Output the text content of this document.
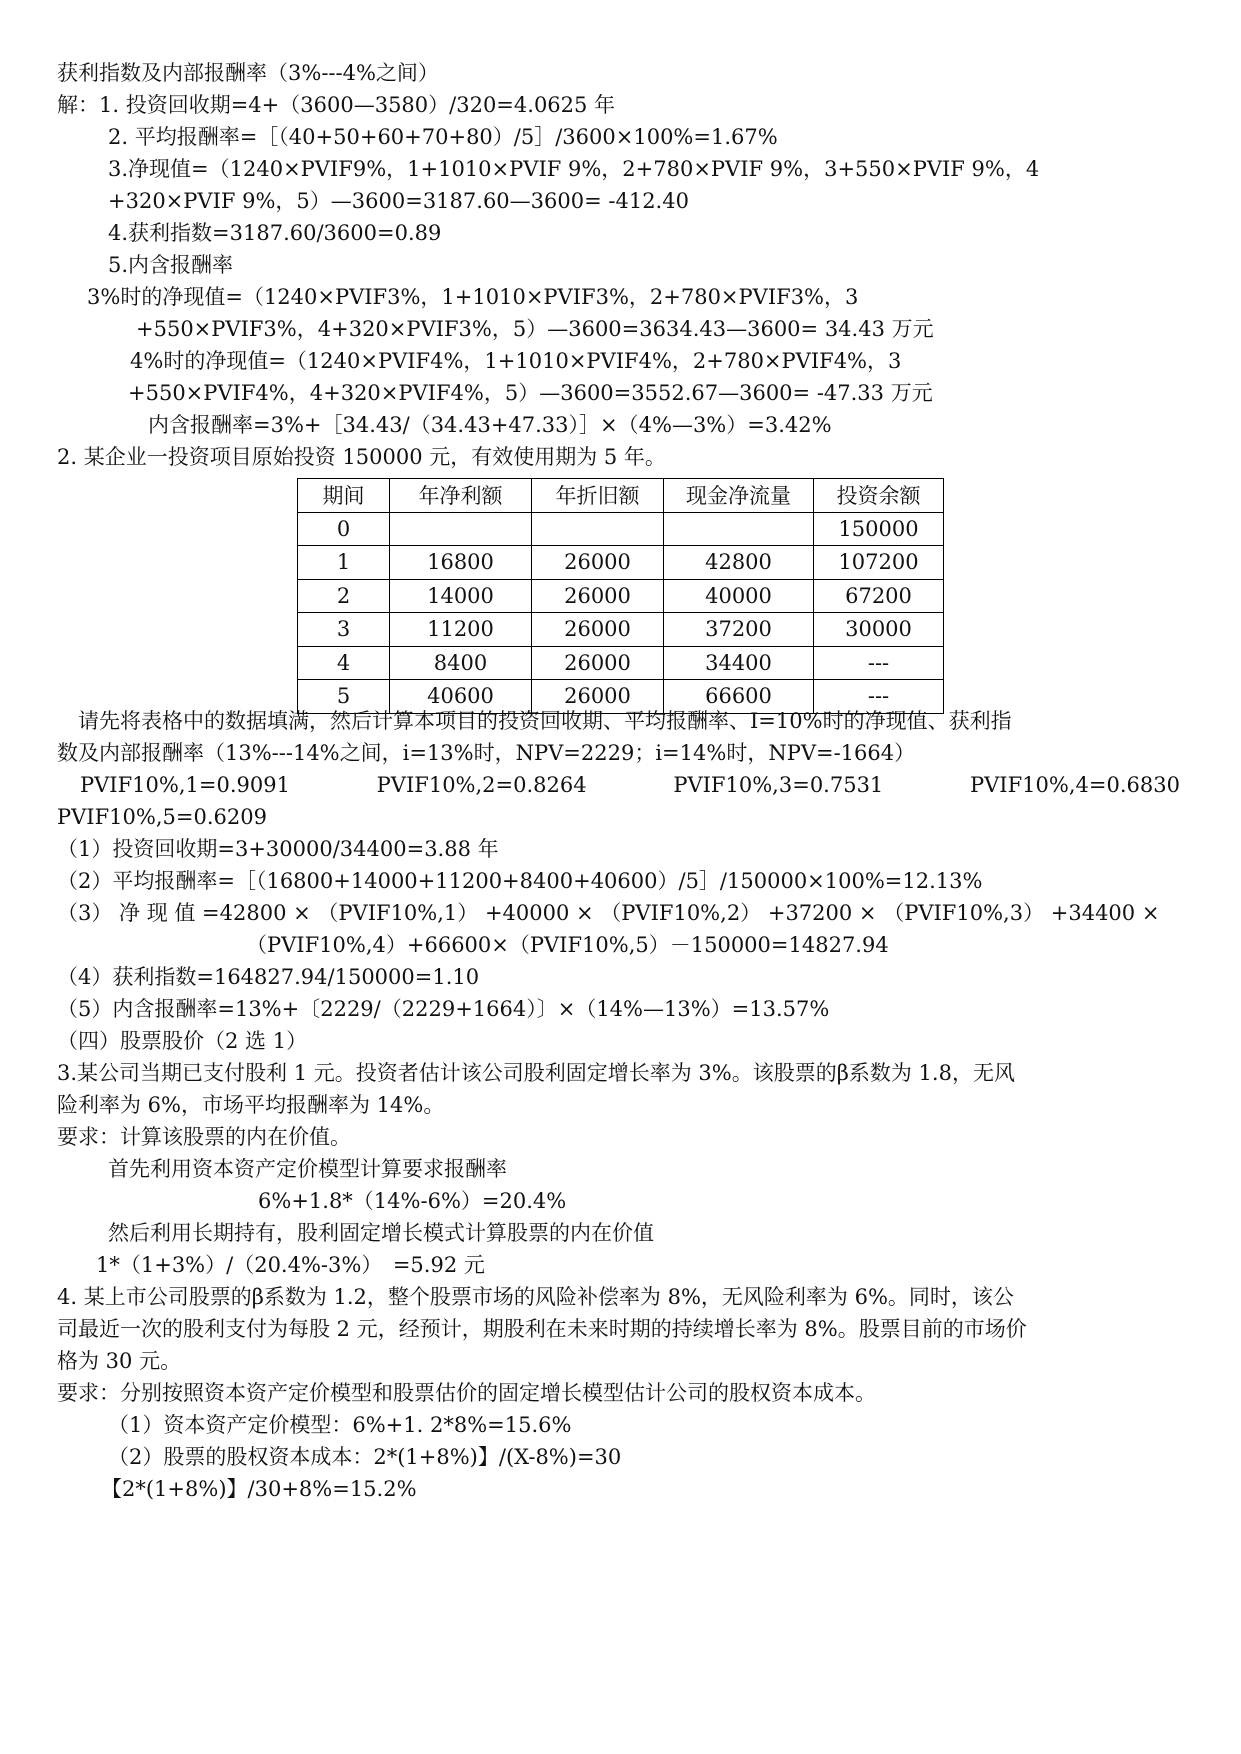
获利指数及内部报酬率（3%---4%之间）
解：1. 投资回收期=4+（3600—3580）/320=4.0625 年
2. 平均报酬率=［（40+50+60+70+80）/5］/3600×100%=1.67%
3.净现值=（1240×PVIF9%，1+1010×PVIF 9%，2+780×PVIF 9%，3+550×PVIF 9%，4
+320×PVIF 9%，5）—3600=3187.60—3600= -412.40
4.获利指数=3187.60/3600=0.89
5.内含报酬率
3%时的净现值=（1240×PVIF3%，1+1010×PVIF3%，2+780×PVIF3%，3
+550×PVIF3%，4+320×PVIF3%，5）—3600=3634.43—3600= 34.43 万元
4%时的净现值=（1240×PVIF4%，1+1010×PVIF4%，2+780×PVIF4%，3
+550×PVIF4%，4+320×PVIF4%，5）—3600=3552.67—3600= -47.33 万元
内含报酬率=3%+［34.43/（34.43+47.33）］×（4%—3%）=3.42%
2. 某企业一投资项目原始投资 150000 元，有效使用期为 5 年。
期间	年净利额	年折旧额	现金净流量	投资余额
0				150000
1	16800	26000	42800	107200
2	14000	26000	40000	67200
3	11200	26000	37200	30000
4	8400	26000	34400	---
5	40600	26000	66600	---
请先将表格中的数据填满，然后计算本项目的投资回收期、平均报酬率、I=10%时的净现值、获利指
数及内部报酬率（13%---14%之间，i=13%时，NPV=2229；i=14%时，NPV=-1664）
PVIF10%,1=0.9091	PVIF10%,2=0.8264	PVIF10%,3=0.7531	PVIF10%,4=0.6830
PVIF10%,5=0.6209
（1）投资回收期=3+30000/34400=3.88 年
（2）平均报酬率=［（16800+14000+11200+8400+40600）/5］/150000×100%=12.13%
（3） 净 现 值 =42800 × （PVIF10%,1） +40000 × （PVIF10%,2） +37200 × （PVIF10%,3） +34400 ×
（PVIF10%,4）+66600×（PVIF10%,5）－150000=14827.94
（4）获利指数=164827.94/150000=1.10
（5）内含报酬率=13%+〔2229/（2229+1664）〕×（14%—13%）=13.57%
（四）股票股价（2 选 1）
3.某公司当期已支付股利 1 元。投资者估计该公司股利固定增长率为 3%。该股票的β系数为 1.8，无风
险利率为 6%，市场平均报酬率为 14%。
要求：计算该股票的内在价值。
首先利用资本资产定价模型计算要求报酬率
6%+1.8*（14%-6%）=20.4%
然后利用长期持有，股利固定增长模式计算股票的内在价值
1*（1+3%）/（20.4%-3%）　=5.92 元
4. 某上市公司股票的β系数为 1.2，整个股票市场的风险补偿率为 8%，无风险利率为 6%。同时，该公
司最近一次的股利支付为每股 2 元，经预计，期股利在未来时期的持续增长率为 8%。股票目前的市场价
格为 30 元。
要求：分别按照资本资产定价模型和股票估价的固定增长模型估计公司的股权资本成本。
（1）资本资产定价模型：6%+1. 2*8%=15.6%
（2）股票的股权资本成本：2*(1+8%)】/(X-8%)=30
【2*(1+8%)】/30+8%=15.2%
